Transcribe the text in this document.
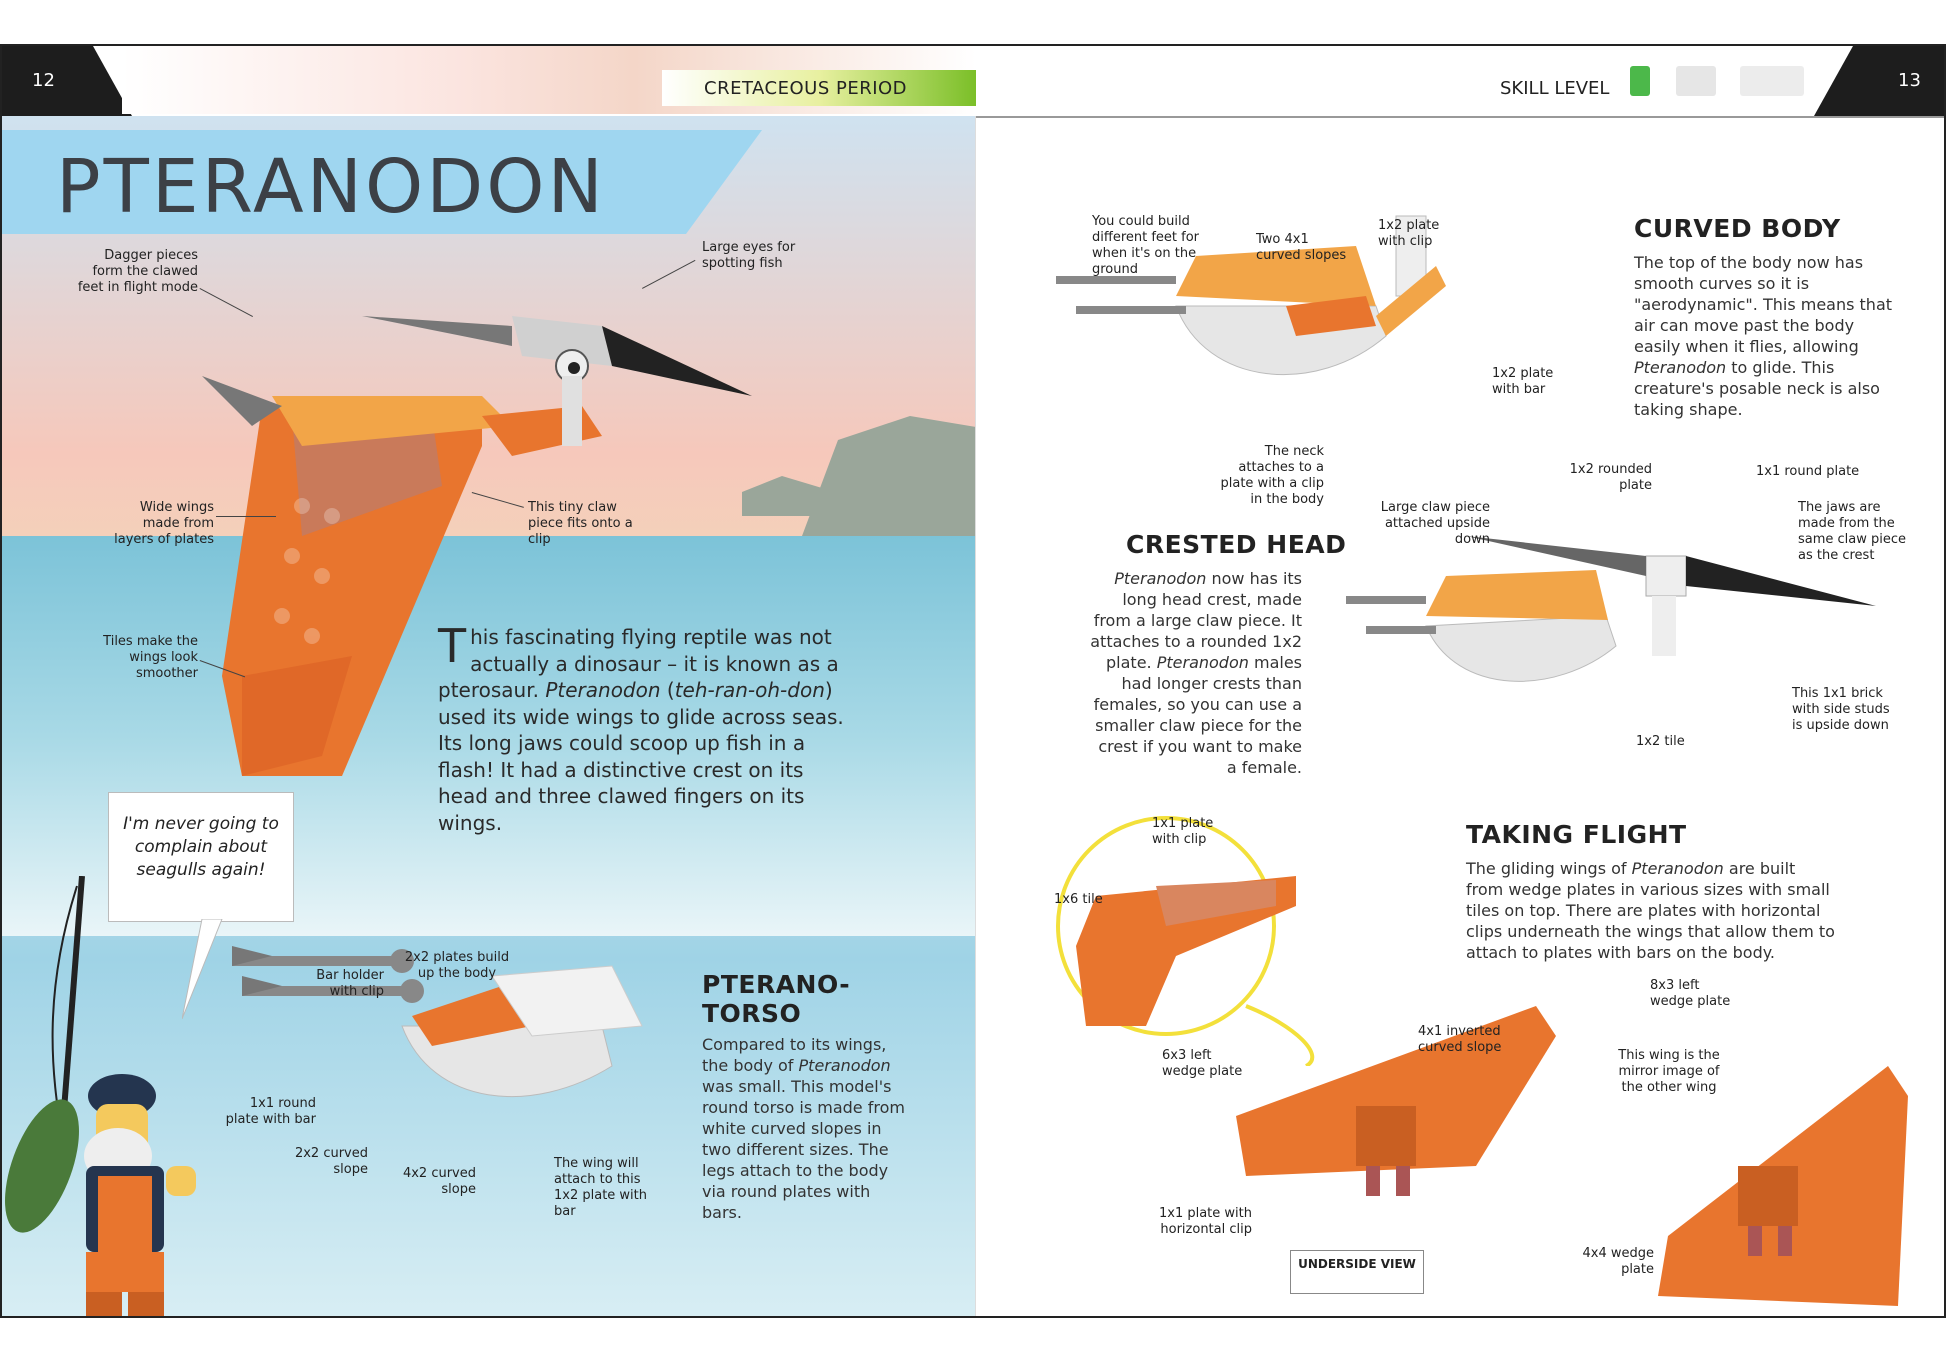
12	CRETACEOUS PERIOD	SKILL LEVEL	13
PTERANODON
Dagger pieces form the clawed feet in flight mode
Large eyes for spotting fish
Wide wings made from layers of plates
This tiny claw piece fits onto a clip
Tiles make the wings look smoother
This fascinating flying reptile was not actually a dinosaur – it is known as a pterosaur. Pteranodon (teh-ran-oh-don) used its wide wings to glide across seas. Its long jaws could scoop up fish in a flash! It had a distinctive crest on its head and three clawed fingers on its wings.
I'm never going to complain about seagulls again!
Bar holder with clip
2x2 plates build up the body
1x1 round plate with bar
2x2 curved slope	4x2 curved slope
The wing will attach to this 1x2 plate with bar
PTERANO-TORSO
Compared to its wings, the body of Pteranodon was small. This model's round torso is made from white curved slopes in two different sizes. The legs attach to the body via round plates with bars.
You could build different feet for when it's on the ground
Two 4x1 curved slopes
1x2 plate with clip
1x2 plate with bar
The neck attaches to a plate with a clip in the body
CURVED BODY
The top of the body now has smooth curves so it is "aerodynamic". This means that air can move past the body easily when it flies, allowing Pteranodon to glide. This creature's posable neck is also taking shape.
CRESTED HEAD
Pteranodon now has its long head crest, made from a large claw piece. It attaches to a rounded 1x2 plate. Pteranodon males had longer crests than females, so you can use a smaller claw piece for the crest if you want to make a female.
Large claw piece attached upside down
1x2 rounded plate
1x1 round plate
The jaws are made from the same claw piece as the crest
This 1x1 brick with side studs is upside down
1x2 tile
TAKING FLIGHT
The gliding wings of Pteranodon are built from wedge plates in various sizes with small tiles on top. There are plates with horizontal clips underneath the wings that allow them to attach to plates with bars on the body.
1x1 plate with clip
1x6 tile
6x3 left wedge plate
4x1 inverted curved slope
8x3 left wedge plate
1x1 plate with horizontal clip
UNDERSIDE VIEW
This wing is the mirror image of the other wing
4x4 wedge plate
